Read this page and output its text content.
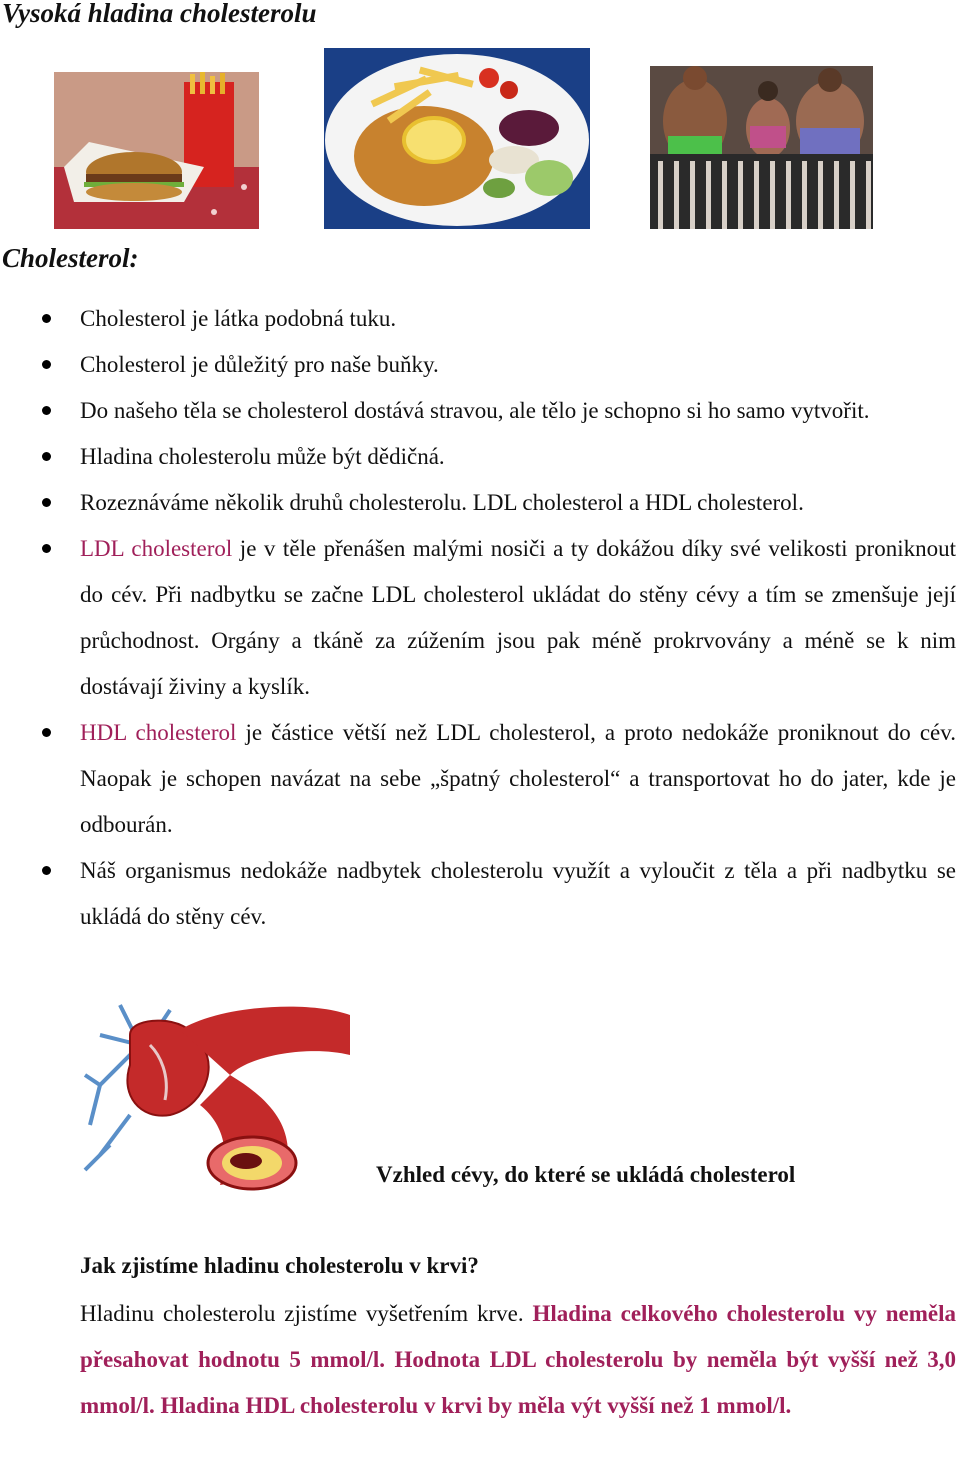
Vysoká hladina cholesterolu
Cholesterol:
Cholesterol je látka podobná tuku.
Cholesterol je důležitý pro naše buňky.
Do našeho těla se cholesterol dostává stravou, ale tělo je schopno si ho samo vytvořit.
Hladina cholesterolu může být dědičná.
Rozeznáváme několik druhů cholesterolu. LDL cholesterol a HDL cholesterol.
LDL cholesterol je v těle přenášen malými nosiči a ty dokážou díky své velikosti proniknout do cév. Při nadbytku se začne LDL cholesterol ukládat do stěny cévy a tím se zmenšuje její průchodnost. Orgány a tkáně za zúžením jsou pak méně prokrvovány a méně se k nim dostávají živiny a kyslík.
HDL cholesterol je částice větší než LDL cholesterol, a proto nedokáže proniknout do cév. Naopak je schopen navázat na sebe „špatný cholesterol“ a transportovat ho do jater, kde je odbourán.
Náš organismus nedokáže nadbytek cholesterolu využít a vyloučit z těla a při nadbytku se ukládá do stěny cév.

Vzhled cévy, do které se ukládá cholesterol

Jak zjistíme hladinu cholesterolu v krvi?

Hladinu cholesterolu zjistíme vyšetřením krve. Hladina celkového cholesterolu vy neměla přesahovat hodnotu 5 mmol/l. Hodnota LDL cholesterolu by neměla být vyšší než 3,0 mmol/l. Hladina HDL cholesterolu v krvi by měla výt vyšší než 1 mmol/l.
